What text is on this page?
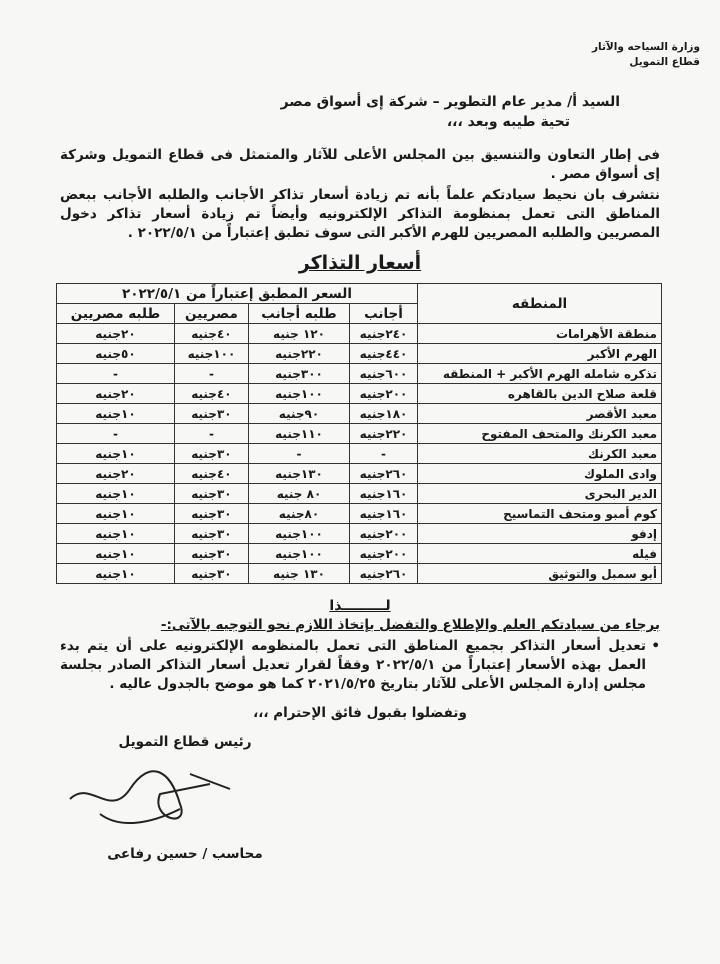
وزارة السياحه والآثار
قطاع التمويل
السيد أ/ مدير عام التطوير – شركة إى أسواق مصر
تحية طيبه وبعد ،،،
فى إطار التعاون والتنسيق بين المجلس الأعلى للآثار والمتمثل فى قطاع التمويل وشركة إى أسواق مصر .
نتشرف بان نحيط سيادتكم علماً بأنه تم زيادة أسعار تذاكر الأجانب والطلبه الأجانب ببعض المناطق التى تعمل بمنظومة التذاكر الإلكترونيه وأيضاً تم زيادة أسعار تذاكر دخول المصريين والطلبه المصريين للهرم الأكبر التى سوف تطبق إعتباراً من ٢٠٢٢/٥/١ .
أسعار التذاكر
المنطقه	السعر المطبق إعتباراً من ٢٠٢٢/٥/١			
	أجانب	طلبه أجانب	مصريين	طلبه مصريين
منطقة الأهرامات	٢٤٠جنيه	١٢٠ جنيه	٤٠جنيه	٢٠جنيه
الهرم الأكبر	٤٤٠جنيه	٢٢٠جنيه	١٠٠جنيه	٥٠جنيه
تذكره شامله الهرم الأكبر + المنطقه	٦٠٠جنيه	٣٠٠جنيه	-	-
قلعة صلاح الدين بالقاهره	٢٠٠جنيه	١٠٠جنيه	٤٠جنيه	٢٠جنيه
معبد الأقصر	١٨٠جنيه	٩٠جنيه	٣٠جنيه	١٠جنيه
معبد الكرنك والمتحف المفتوح	٢٢٠جنيه	١١٠جنيه	-	-
معبد الكرنك	-	-	٣٠جنيه	١٠جنيه
وادى الملوك	٢٦٠جنيه	١٣٠جنيه	٤٠جنيه	٢٠جنيه
الدير البحرى	١٦٠جنيه	٨٠ جنيه	٣٠جنيه	١٠جنيه
كوم أمبو ومتحف التماسيح	١٦٠جنيه	٨٠جنيه	٣٠جنيه	١٠جنيه
إدفو	٢٠٠جنيه	١٠٠جنيه	٣٠جنيه	١٠جنيه
فيله	٢٠٠جنيه	١٠٠جنيه	٣٠جنيه	١٠جنيه
أبو سمبل والتوثيق	٢٦٠جنيه	١٣٠ جنيه	٣٠جنيه	١٠جنيه
لـــــــــذا
برجاء من سيادتكم العلم والإطلاع والتفضل بإتخاذ اللازم نحو التوجيه بالآتى:-
•
تعديل أسعار التذاكر بجميع المناطق التى تعمل بالمنظومه الإلكترونيه على أن يتم بدء العمل بهذه الأسعار إعتباراً من ٢٠٢٢/٥/١ وفقاً لقرار تعديل أسعار التذاكر الصادر بجلسة مجلس إدارة المجلس الأعلى للآثار بتاريخ ٢٠٢١/٥/٢٥ كما هو موضح بالجدول عاليه .
وتفضلوا بقبول فائق الإحترام ،،،
رئيس قطاع التمويل
محاسب / حسين رفاعى
